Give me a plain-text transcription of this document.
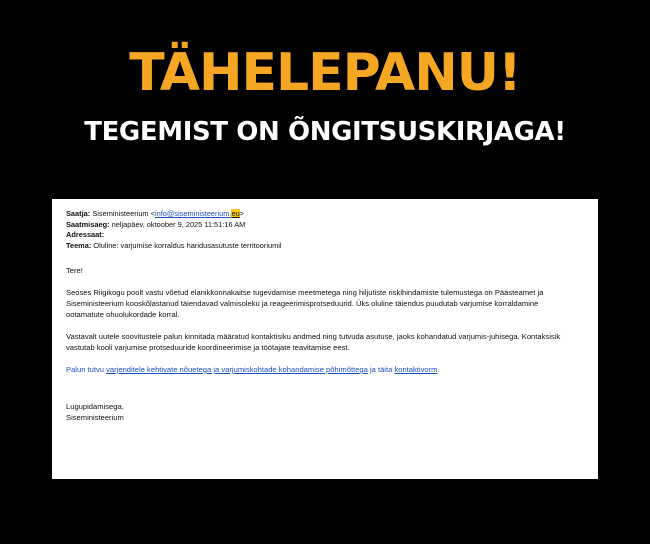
TÄHELEPANU!
TEGEMIST ON ÕNGITSUSKIRJAGA!
Saatja: Siseministeerium <info@siseministeerium.eu>
Saatmisaeg: neljapäev, oktoober 9, 2025 11:51:16 AM
Adressaat:
Teema: Oluline: varjumise korraldus haridusasutuste territooriumil

Tere!

Seoses Riigikogu poolt vastu võetud elanikkonnakaitse tugevdamise meetmetega ning hiljutiste riskihindamiste tulemustega on Päästeamet ja Siseministeerium kooskõlastanud täiendavad valmisoleku ja reageerimisprotseduurid. Üks oluline täiendus puudutab varjumise korraldamine ootamatute ohuolukordade korral.

Vastavalt uutele soovitustele palun kinnitada määratud kontaktisiku andmed ning tutvuda asutuse, jaoks kohandatud varjumis-juhisega. Kontaksisik vastutab kooli varjumise protseduuride koordineerimise ja töötajate teavitamise eest.

Palun tutvu varjenditele kehtivate nõuetega ja varjumiskohtade kohandamise põhimõttega ja täita kontaktivorm.

Lugupidamisega,
Siseministeerium
